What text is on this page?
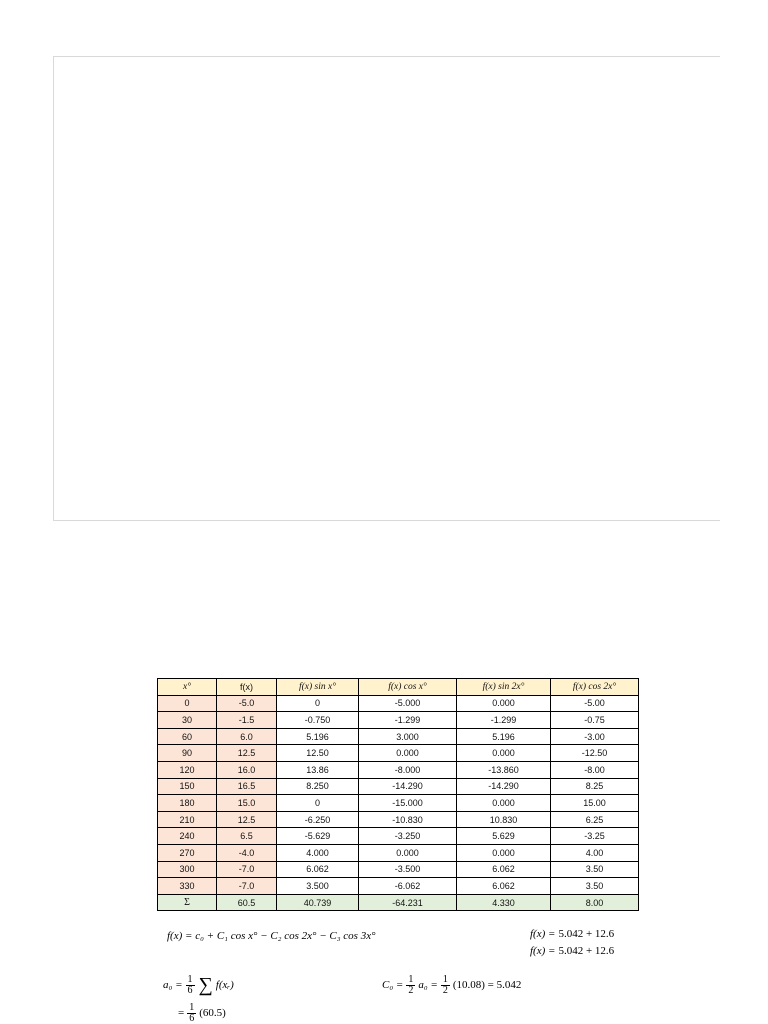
x°	f(x)	f(x) sin x°	f(x) cos x°	f(x) sin 2x°	f(x) cos 2x°
0	-5.0	0	-5.000	0.000	-5.00
30	-1.5	-0.750	-1.299	-1.299	-0.75
60	6.0	5.196	3.000	5.196	-3.00
90	12.5	12.50	0.000	0.000	-12.50
120	16.0	13.86	-8.000	-13.860	-8.00
150	16.5	8.250	-14.290	-14.290	8.25
180	15.0	0	-15.000	0.000	15.00
210	12.5	-6.250	-10.830	10.830	6.25
240	6.5	-5.629	-3.250	5.629	-3.25
270	-4.0	4.000	0.000	0.000	4.00
300	-7.0	6.062	-3.500	6.062	3.50
330	-7.0	3.500	-6.062	6.062	3.50
Σ	60.5	40.739	-64.231	4.330	8.00
f(x) = c₀ + C₁ cos x° − C₂ cos 2x° − C₃ cos 3x°	f(x) = 5.042 + 12.6
f(x) = 5.042 + 12.6
$a_0 = \frac{1}{6}$ ∑ f(xᵣ)	$C_0 = \frac{1}{2} a_0 = \frac{1}{2} (10.08) = 5.042$
= $\frac{1}{6} (60.5)$
